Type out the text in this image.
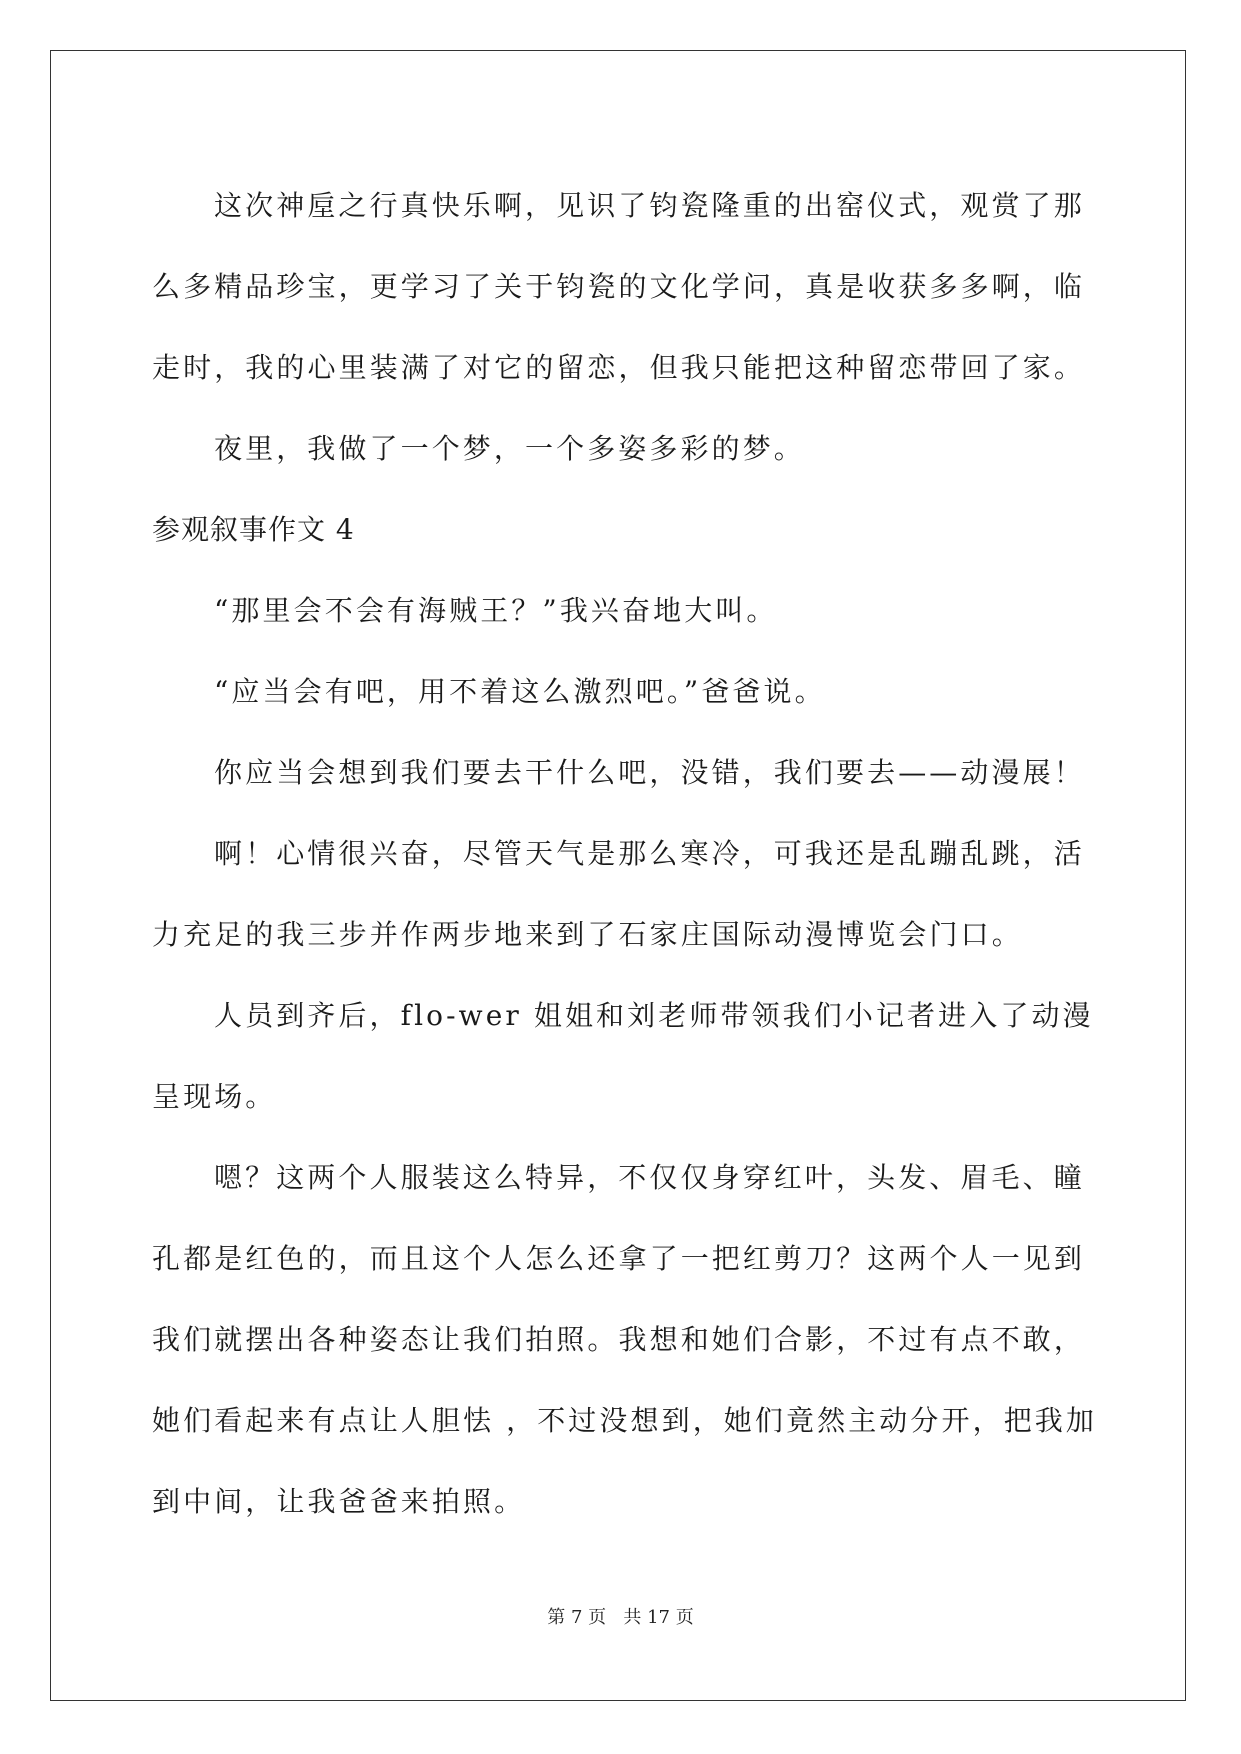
这次神垕之行真快乐啊，见识了钧瓷隆重的出窑仪式，观赏了那

么多精品珍宝，更学习了关于钧瓷的文化学问，真是收获多多啊，临

走时，我的心里装满了对它的留恋，但我只能把这种留恋带回了家。

夜里，我做了一个梦，一个多姿多彩的梦。

参观叙事作文 4

“那里会不会有海贼王？”我兴奋地大叫。

“应当会有吧，用不着这么激烈吧。”爸爸说。

你应当会想到我们要去干什么吧，没错，我们要去——动漫展！

啊！心情很兴奋，尽管天气是那么寒冷，可我还是乱蹦乱跳，活

力充足的我三步并作两步地来到了石家庄国际动漫博览会门口。

人员到齐后，flo-wer 姐姐和刘老师带领我们小记者进入了动漫

呈现场。

嗯？这两个人服装这么特异，不仅仅身穿红叶，头发、眉毛、瞳

孔都是红色的，而且这个人怎么还拿了一把红剪刀？这两个人一见到

我们就摆出各种姿态让我们拍照。我想和她们合影，不过有点不敢，

她们看起来有点让人胆怯 ，不过没想到，她们竟然主动分开，把我加

到中间，让我爸爸来拍照。

第 7 页   共 17 页
